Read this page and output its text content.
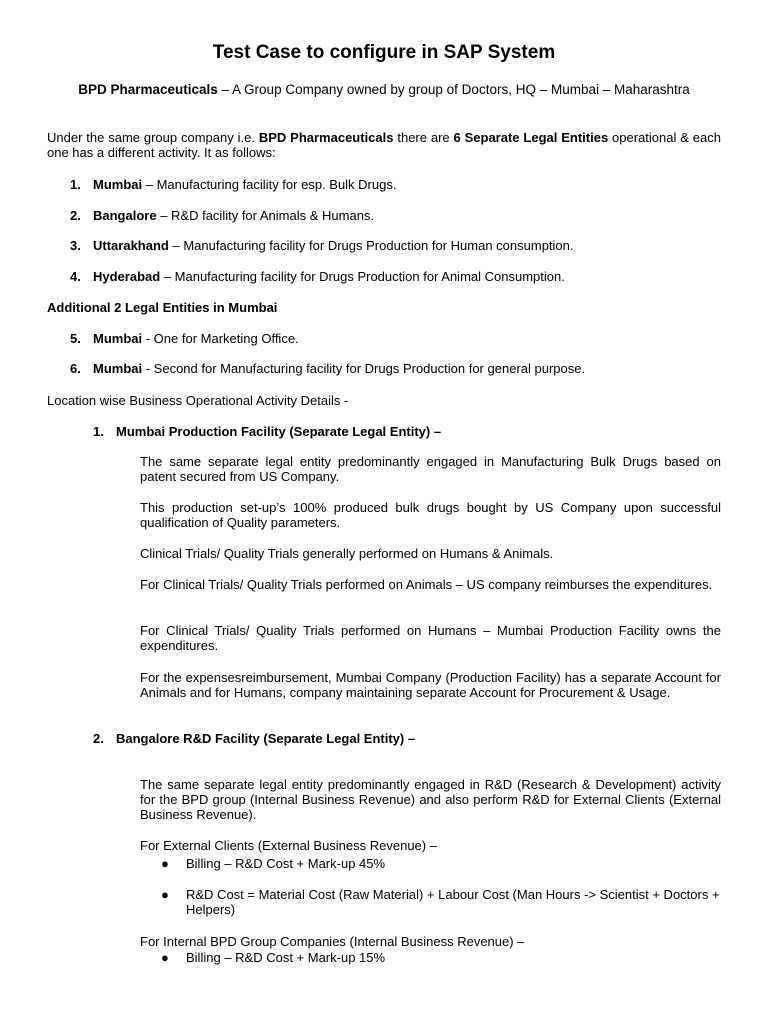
Test Case to configure in SAP System
BPD Pharmaceuticals – A Group Company owned by group of Doctors, HQ – Mumbai – Maharashtra
Under the same group company i.e. BPD Pharmaceuticals there are 6 Separate Legal Entities operational & each one has a different activity. It as follows:
1. Mumbai – Manufacturing facility for esp. Bulk Drugs.
2. Bangalore – R&D facility for Animals & Humans.
3. Uttarakhand – Manufacturing facility for Drugs Production for Human consumption.
4. Hyderabad – Manufacturing facility for Drugs Production for Animal Consumption.
Additional 2 Legal Entities in Mumbai
5. Mumbai - One for Marketing Office.
6. Mumbai - Second for Manufacturing facility for Drugs Production for general purpose.
Location wise Business Operational Activity Details -
1. Mumbai Production Facility (Separate Legal Entity) –
The same separate legal entity predominantly engaged in Manufacturing Bulk Drugs based on patent secured from US Company.
This production set-up’s 100% produced bulk drugs bought by US Company upon successful qualification of Quality parameters.
Clinical Trials/ Quality Trials generally performed on Humans & Animals.
For Clinical Trials/ Quality Trials performed on Animals – US company reimburses the expenditures.
For Clinical Trials/ Quality Trials performed on Humans – Mumbai Production Facility owns the expenditures.
For the expensesreimbursement, Mumbai Company (Production Facility) has a separate Account for Animals and for Humans, company maintaining separate Account for Procurement & Usage.
2. Bangalore R&D Facility (Separate Legal Entity) –
The same separate legal entity predominantly engaged in R&D (Research & Development) activity for the BPD group (Internal Business Revenue) and also perform R&D for External Clients (External Business Revenue).
For External Clients (External Business Revenue) –
● Billing – R&D Cost + Mark-up 45%
● R&D Cost = Material Cost (Raw Material) + Labour Cost (Man Hours -> Scientist + Doctors + Helpers)
For Internal BPD Group Companies (Internal Business Revenue) –
● Billing – R&D Cost + Mark-up 15%
